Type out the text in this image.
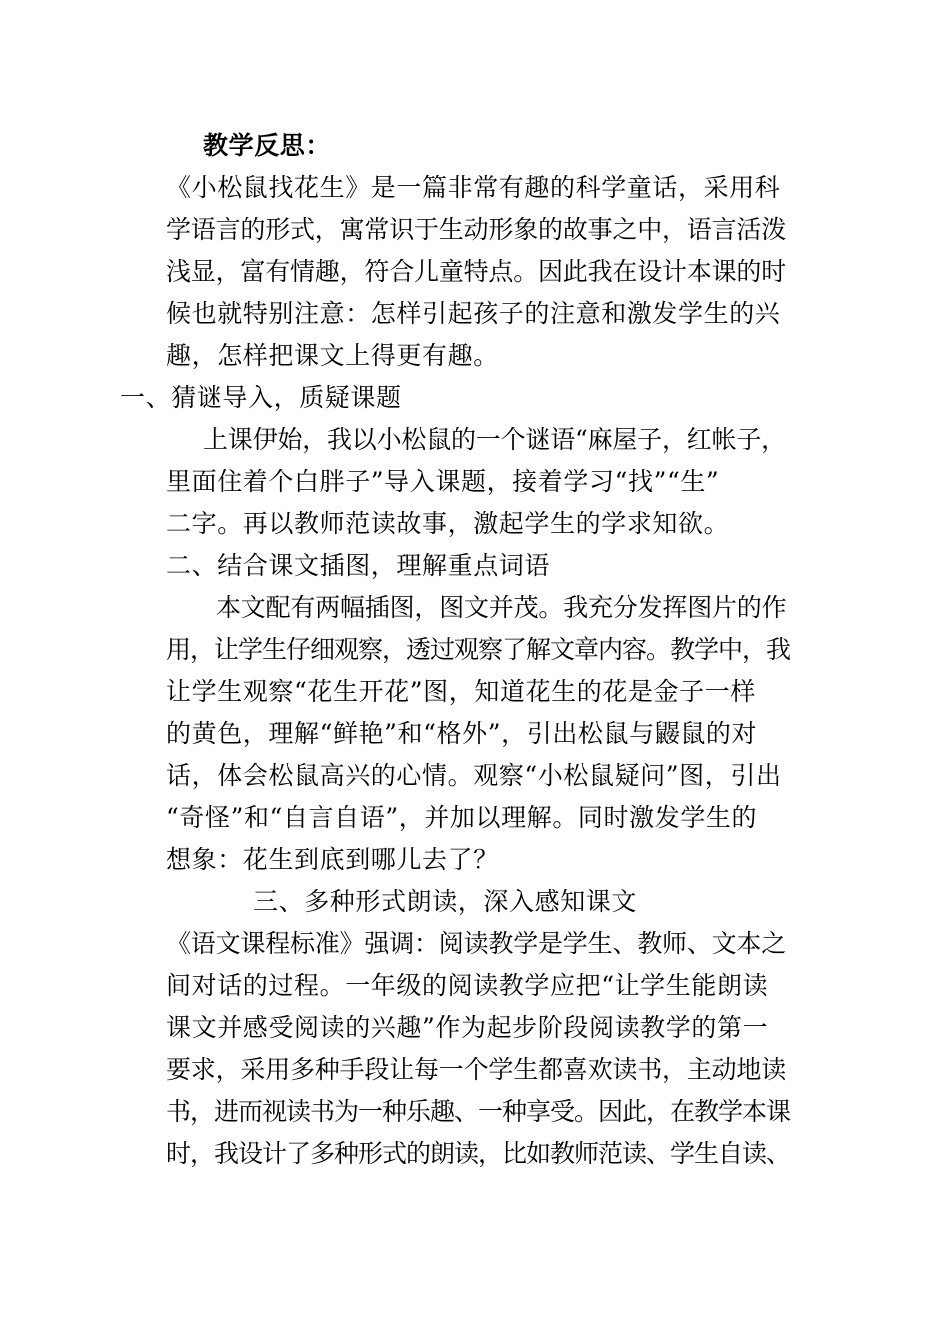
教学反思：
《小松鼠找花生》是一篇非常有趣的科学童话，采用科
学语言的形式，寓常识于生动形象的故事之中，语言活泼
浅显，富有情趣，符合儿童特点。因此我在设计本课的时
候也就特别注意：怎样引起孩子的注意和激发学生的兴
趣，怎样把课文上得更有趣。
一、猜谜导入，质疑课题
上课伊始，我以小松鼠的一个谜语“麻屋子，红帐子，
里面住着个白胖子”导入课题，接着学习“找”“生”
二字。再以教师范读故事，激起学生的学求知欲。
二、结合课文插图，理解重点词语
本文配有两幅插图，图文并茂。我充分发挥图片的作
用，让学生仔细观察，透过观察了解文章内容。教学中，我
让学生观察“花生开花”图，知道花生的花是金子一样
的黄色，理解“鲜艳”和“格外”，引出松鼠与鼹鼠的对
话，体会松鼠高兴的心情。观察“小松鼠疑问”图，引出
“奇怪”和“自言自语”，并加以理解。同时激发学生的
想象：花生到底到哪儿去了？
三、多种形式朗读，深入感知课文
《语文课程标准》强调：阅读教学是学生、教师、文本之
间对话的过程。一年级的阅读教学应把“让学生能朗读
课文并感受阅读的兴趣”作为起步阶段阅读教学的第一
要求，采用多种手段让每一个学生都喜欢读书，主动地读
书，进而视读书为一种乐趣、一种享受。因此，在教学本课
时，我设计了多种形式的朗读，比如教师范读、学生自读、
